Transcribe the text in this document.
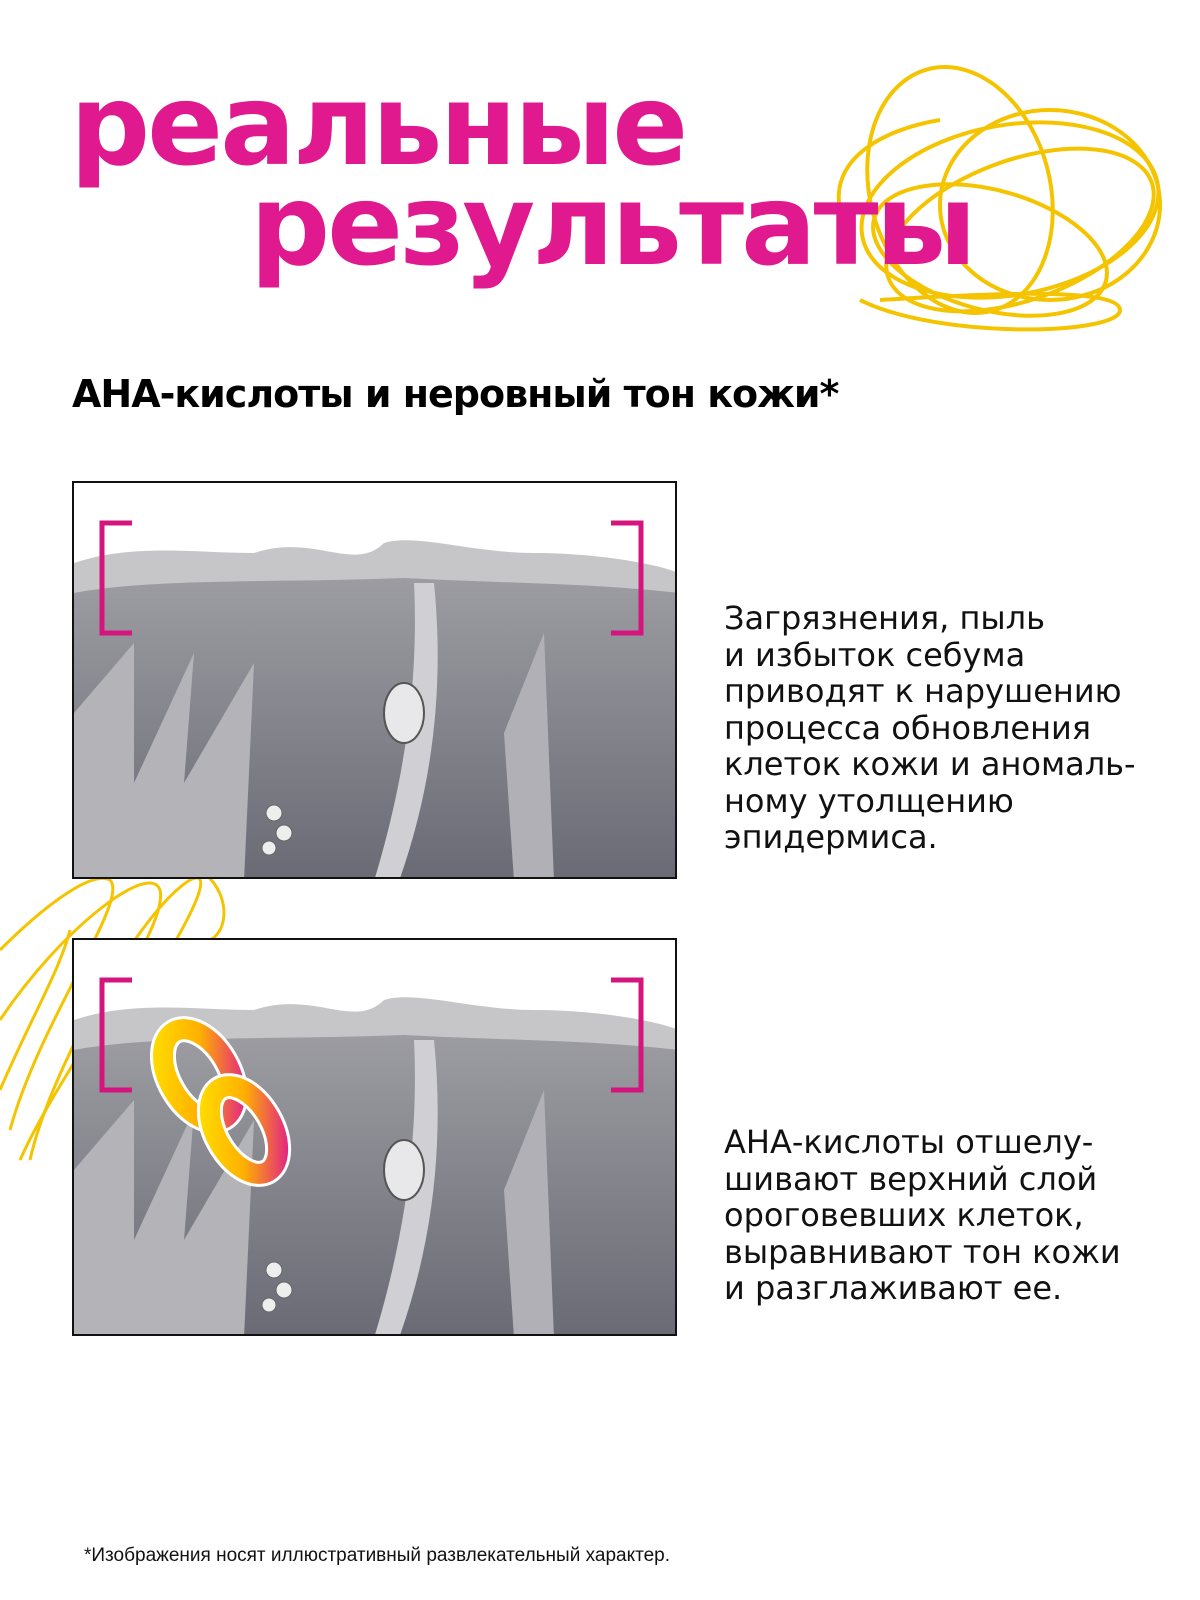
реальные
результаты
АНА-кислоты и неровный тон кожи*

Загрязнения, пыль
и избыток себума
приводят к нарушению
процесса обновления
клеток кожи и аномаль-
ному утолщению
эпидермиса.

АНА-кислоты отшелу-
шивают верхний слой
ороговевших клеток,
выравнивают тон кожи
и разглаживают ее.

*Изображения носят иллюстративный развлекательный характер.
